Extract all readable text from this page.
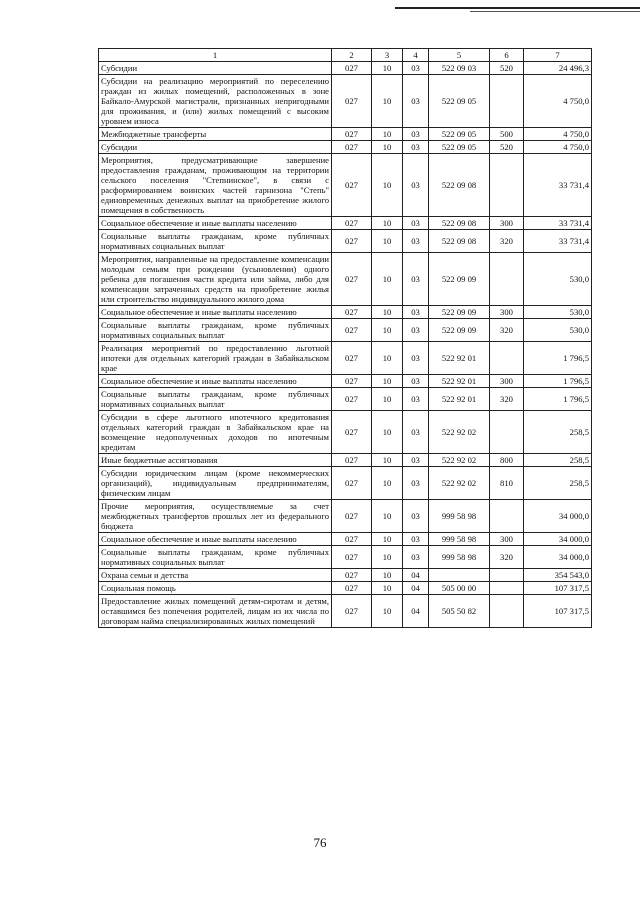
1	2	3	4	5	6	7
Субсидии	027	10	03	522 09 03	520	24 496,3
Субсидии на реализацию мероприятий по переселению граждан из жилых помещений, расположенных в зоне Байкало-Амурской магистрали, признанных непригодными для проживания, и (или) жилых помещений с высоким уровнем износа	027	10	03	522 09 05		4 750,0
Межбюджетные трансферты	027	10	03	522 09 05	500	4 750,0
Субсидии	027	10	03	522 09 05	520	4 750,0
Мероприятия, предусматривающие завершение предоставления гражданам, проживающим на территории сельского поселения "Степнинское", в связи с расформированием воинских частей гарнизона "Степь" единовременных денежных выплат на приобретение жилого помещения в собственность	027	10	03	522 09 08		33 731,4
Социальное обеспечение и иные выплаты населению	027	10	03	522 09 08	300	33 731,4
Социальные выплаты гражданам, кроме публичных нормативных социальных выплат	027	10	03	522 09 08	320	33 731,4
Мероприятия, направленные на предоставление компенсации молодым семьям при рождении (усыновлении) одного ребенка для погашения части кредита или займа, либо для компенсации затраченных средств на приобретение жилья или строительство индивидуального жилого дома	027	10	03	522 09 09		530,0
Социальное обеспечение и иные выплаты населению	027	10	03	522 09 09	300	530,0
Социальные выплаты гражданам, кроме публичных нормативных социальных выплат	027	10	03	522 09 09	320	530,0
Реализация мероприятий по предоставлению льготной ипотеки для отдельных категорий граждан в Забайкальском крае	027	10	03	522 92 01		1 796,5
Социальное обеспечение и иные выплаты населению	027	10	03	522 92 01	300	1 796,5
Социальные выплаты гражданам, кроме публичных нормативных социальных выплат	027	10	03	522 92 01	320	1 796,5
Субсидии в сфере льготного ипотечного кредитования отдельных категорий граждан в Забайкальском крае на возмещение недополученных доходов по ипотечным кредитам	027	10	03	522 92 02		258,5
Иные бюджетные ассигнования	027	10	03	522 92 02	800	258,5
Субсидии юридическим лицам (кроме некоммерческих организаций), индивидуальным предпринимателям, физическим лицам	027	10	03	522 92 02	810	258,5
Прочие мероприятия, осуществляемые за счет межбюджетных трансфертов прошлых лет из федерального бюджета	027	10	03	999 58 98		34 000,0
Социальное обеспечение и иные выплаты населению	027	10	03	999 58 98	300	34 000,0
Социальные выплаты гражданам, кроме публичных нормативных социальных выплат	027	10	03	999 58 98	320	34 000,0
Охрана семьи и детства	027	10	04			354 543,0
Социальная помощь	027	10	04	505 00 00		107 317,5
Предоставление жилых помещений детям-сиротам и детям, оставшимся без попечения родителей, лицам из их числа по договорам найма специализированных жилых помещений	027	10	04	505 50 82		107 317,5
76
